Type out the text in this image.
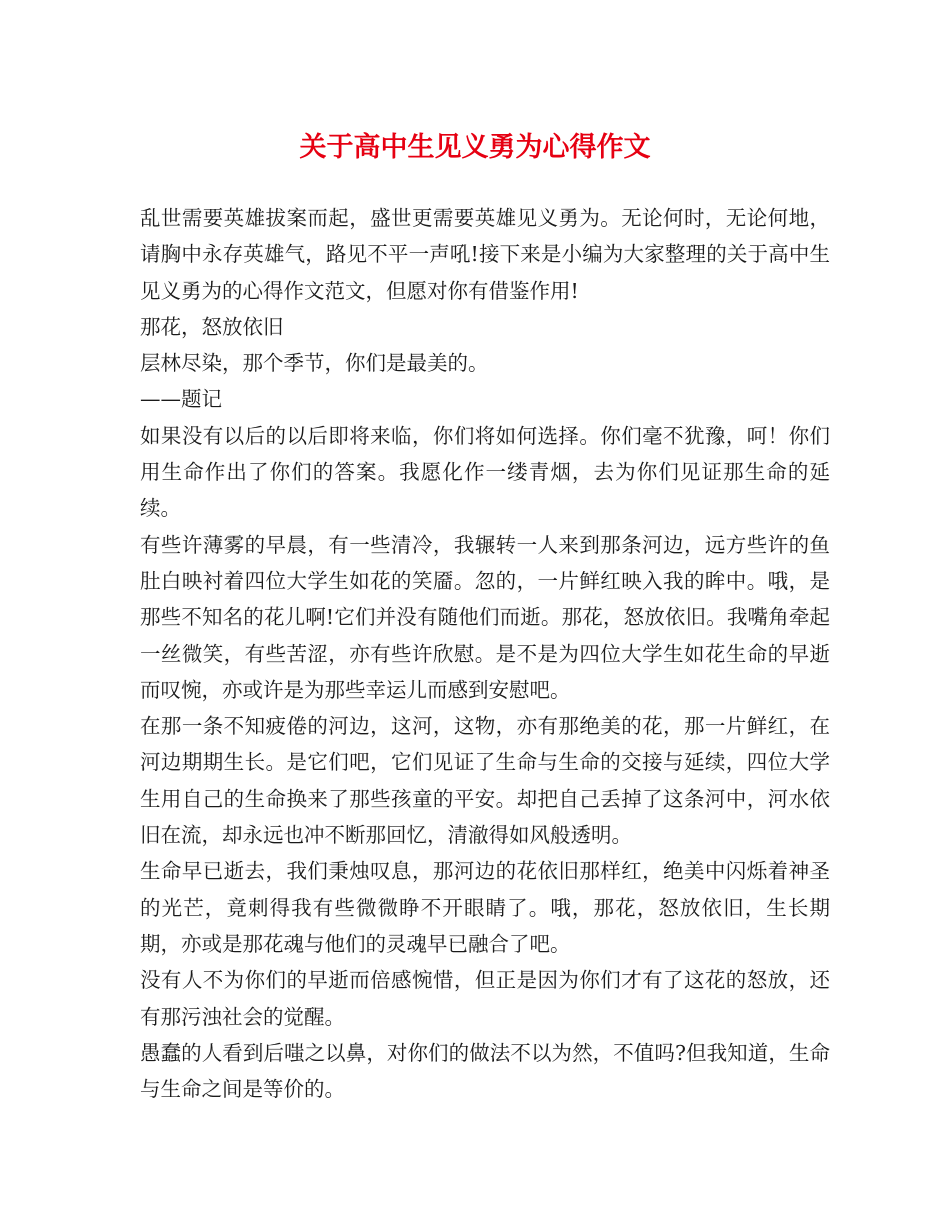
关于高中生见义勇为心得作文

乱世需要英雄拔案而起，盛世更需要英雄见义勇为。无论何时，无论何地，请胸中永存英雄气，路见不平一声吼!接下来是小编为大家整理的关于高中生见义勇为的心得作文范文，但愿对你有借鉴作用!

那花，怒放依旧

层林尽染，那个季节，你们是最美的。

——题记

如果没有以后的以后即将来临，你们将如何选择。你们毫不犹豫，呵！你们用生命作出了你们的答案。我愿化作一缕青烟，去为你们见证那生命的延续。

有些许薄雾的早晨，有一些清冷，我辗转一人来到那条河边，远方些许的鱼肚白映衬着四位大学生如花的笑靥。忽的，一片鲜红映入我的眸中。哦，是那些不知名的花儿啊!它们并没有随他们而逝。那花，怒放依旧。我嘴角牵起一丝微笑，有些苦涩，亦有些许欣慰。是不是为四位大学生如花生命的早逝而叹惋，亦或许是为那些幸运儿而感到安慰吧。

在那一条不知疲倦的河边，这河，这物，亦有那绝美的花，那一片鲜红，在河边期期生长。是它们吧，它们见证了生命与生命的交接与延续，四位大学生用自己的生命换来了那些孩童的平安。却把自己丢掉了这条河中，河水依旧在流，却永远也冲不断那回忆，清澈得如风般透明。

生命早已逝去，我们秉烛叹息，那河边的花依旧那样红，绝美中闪烁着神圣的光芒，竟刺得我有些微微睁不开眼睛了。哦，那花，怒放依旧，生长期期，亦或是那花魂与他们的灵魂早已融合了吧。

没有人不为你们的早逝而倍感惋惜，但正是因为你们才有了这花的怒放，还有那污浊社会的觉醒。

愚蠢的人看到后嗤之以鼻，对你们的做法不以为然，不值吗?但我知道，生命与生命之间是等价的。
